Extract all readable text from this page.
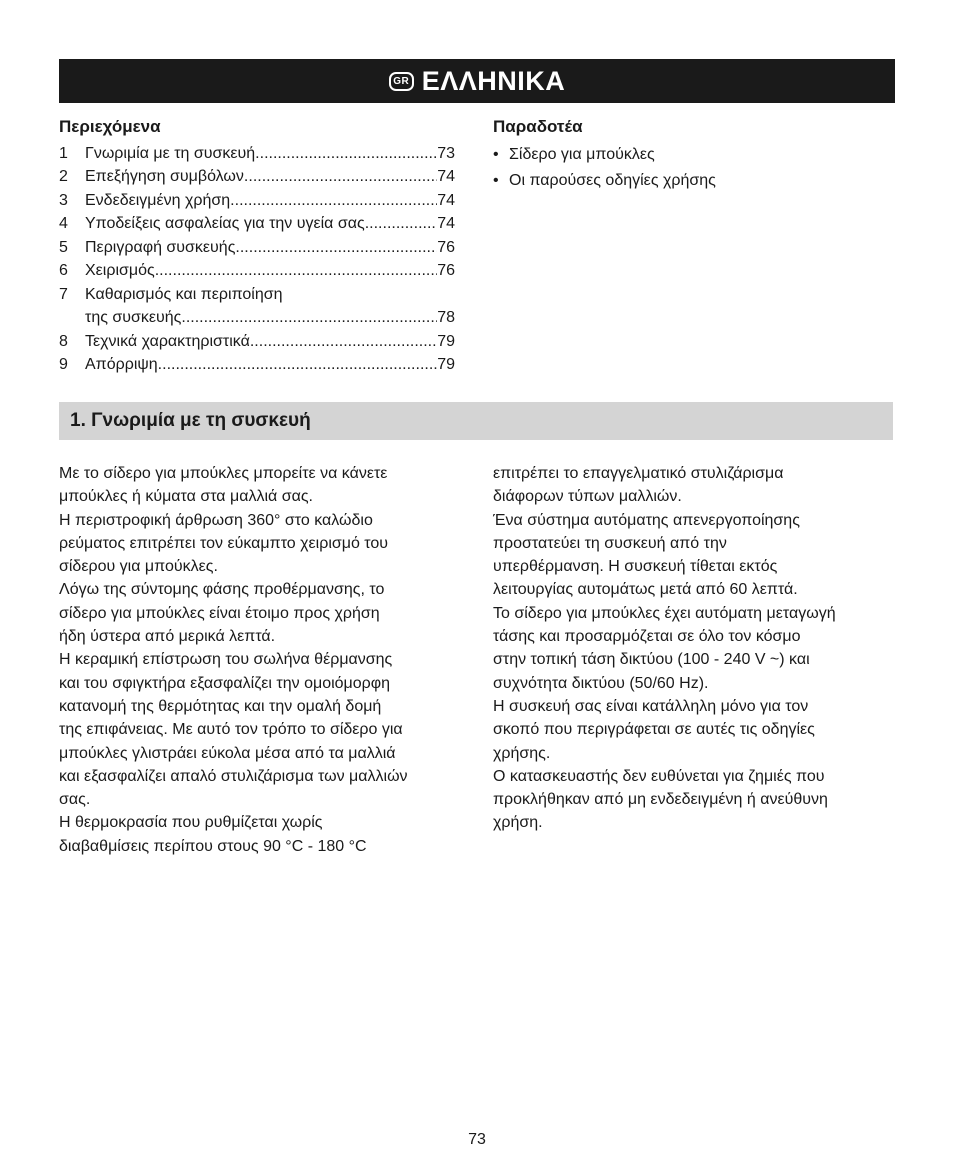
GR ΕΛΛΗΝΙΚΑ
Περιεχόμενα
1	Γνωριμία με τη συσκευή .....	73
2	Επεξήγηση συμβόλων .....	74
3	Ενδεδειγμένη χρήση .....	74
4	Υποδείξεις ασφαλείας για την υγεία σας .....	74
5	Περιγραφή συσκευής .....	76
6	Χειρισμός .....	76
7	Καθαρισμός και περιποίηση
της συσκευής .....	78
8	Τεχνικά χαρακτηριστικά .....	79
9	Απόρριψη .....	79
Παραδοτέα
• Σίδερο για μπούκλες
• Οι παρούσες οδηγίες χρήσης
1. Γνωριμία με τη συσκευή
Με το σίδερο για μπούκλες μπορείτε να κάνετε
μπούκλες ή κύματα στα μαλλιά σας.
Η περιστροφική άρθρωση 360° στο καλώδιο
ρεύματος επιτρέπει τον εύκαμπτο χειρισμό του
σίδερου για μπούκλες.
Λόγω της σύντομης φάσης προθέρμανσης, το
σίδερο για μπούκλες είναι έτοιμο προς χρήση
ήδη ύστερα από μερικά λεπτά.
Η κεραμική επίστρωση του σωλήνα θέρμανσης
και του σφιγκτήρα εξασφαλίζει την ομοιόμορφη
κατανομή της θερμότητας και την ομαλή δομή
της επιφάνειας. Με αυτό τον τρόπο το σίδερο για
μπούκλες γλιστράει εύκολα μέσα από τα μαλλιά
και εξασφαλίζει απαλό στυλιζάρισμα των μαλλιών
σας.
Η θερμοκρασία που ρυθμίζεται χωρίς
διαβαθμίσεις περίπου στους 90 °C - 180 °C
επιτρέπει το επαγγελματικό στυλιζάρισμα
διάφορων τύπων μαλλιών.
Ένα σύστημα αυτόματης απενεργοποίησης
προστατεύει τη συσκευή από την
υπερθέρμανση. Η συσκευή τίθεται εκτός
λειτουργίας αυτομάτως μετά από 60 λεπτά.
Το σίδερο για μπούκλες έχει αυτόματη μεταγωγή
τάσης και προσαρμόζεται σε όλο τον κόσμο
στην τοπική τάση δικτύου (100 - 240 V ~) και
συχνότητα δικτύου (50/60 Hz).
Η συσκευή σας είναι κατάλληλη μόνο για τον
σκοπό που περιγράφεται σε αυτές τις οδηγίες
χρήσης.
Ο κατασκευαστής δεν ευθύνεται για ζημιές που
προκλήθηκαν από μη ενδεδειγμένη ή ανεύθυνη
χρήση.
73
